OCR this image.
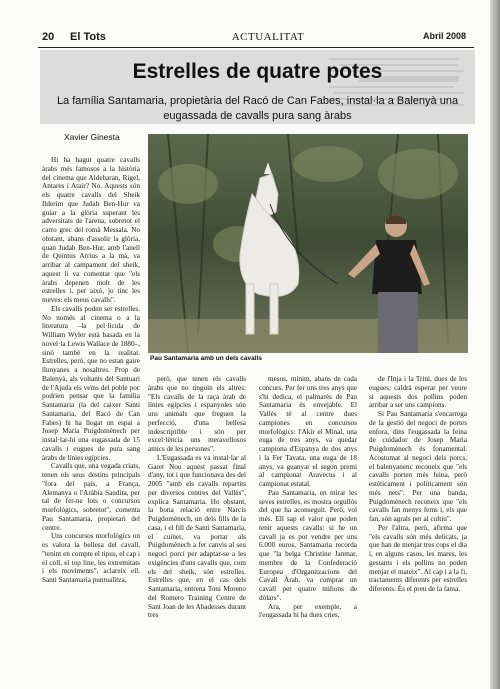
20 El Tots	ACTUALITAT	Abril 2008
Estrelles de quatre potes
La família Santamaria, propietària del Racó de Can Fabes, instal·la a Balenyà una eugassada de cavalls pura sang àrabs
Xavier Ginesta
Pau Santamaria amb un dels cavalls

Hi ha hagut quatre cavalls àrabs més famosos a la història del cinema que Aldebaran, Rigel, Antares i Atair? No. Aquests són els quatre cavalls del Sheik Ilderim que Judah Ben-Hur va guiar a la glòria superant les adversitats de l'arena, sobretot el carro grec del romà Messala. No obstant, abans d'assolir la glòria, quan Judah Ben-Hur, amb l'anell de Quintus Arrius a la mà, va arribar al campament del sheik, aquest li va comentar que "els àrabs depenen molt de les estrelles i, per això, jo tinc les meves: els meus cavalls".

Els cavalls poden ser estrelles. No només al cinema o a la literatura –la pel·lícula de William Wyler està basada en la novel·la Lewis Wallace de 1880–, sinó també en la realitat. Estrelles, però, que no estan gaire llunyanes a nosaltres. Prop de Balenyà, als voltants del Santuari de l'Ajuda els veïns del poble poc podrien pensar que la família Santamaria (la del caixer Santi Santamaria, del Racó de Can Fabes) hi ha llogat un espai a Josep Maria Puigdomènech per instal·lar-hi una eugassada de 15 cavalls i eugues de pura sang àrabs de línies egípcies.

Cavalls que, una vegada criats, tenen els seus destins principals "fora del país, a França, Alemanya o l'Aràbia Saudita, per tal de fer-ne lots o concursos morfològics, sobretot", comenta Pau Santamaria, propietari del centre.

Uns concursos morfològics on es valora la bellesa del cavall, "tenint en compte el tipus, el cap i el coll, el top line, les extremitats i els moviments", aclareix ell. Santi Santamaria puntualitza,

però, que tenen els cavalls àrabs que no tinguin els altres: "Els cavalls de la raça àrab de línies egípcies i espanyoles són uns animals que freguen la perfecció, d'una bellesa indescriptible i són per excel·lència uns meravellosos amics de les persones".

L'Eugassada es va instal·lar al Garet Nou aquest passat final d'any, tot i que funcionava des del 2005 "amb els cavalls repartits per diversos centres del Vallès", explica Santamaria. Ho obstant, la bona relació entre Narcís Puigdomènech, un dels fills de la casa, i el fill de Santi Santamaria, el cuiner, va portar als Puigdomènech a fer canvis al seu negoci porcí per adaptar-se a les exigències d'uns cavalls que, com els del sheik, són estrelles. Estrelles que, en el cas dels Santamaria, entrena Toni Moreno del Romero Training Centre de Sant Joan de les Abadesses durant tres

mesos, mínim, abans de cada concurs. Per fer uns tres anys que s'hi dedica, el palmarès de Pau Santamaria és envejable. El Vallès té al centre dues campiones en concursos morfològics: l'Akir el Minal, una euga de tres anys, va quedar campiona d'Espanya de dos anys i la Fer Tavata, una euga de 18 anys, va guanyar el segon premi al campionat Aravecus i al campionat estatal.

Pau Santamaria, en mirar les seves estrelles, es mostra orgullós del que ha aconseguit. Però, vol més. Ell sap el valor que poden tenir aquests cavalls: si he un cavall ja es pot vendre per uns 6.000 euros, Santamaria recorda que "la belga Christine Janmar, membre de la Confederació Europea d'Organitzacions del Cavall Àrab, va comprar un cavall per quatre milions de dòlars".

Ara, per exemple, a l'eugassada hi ha dues cries,

de l'Inja i la Trini, dues de les eugues; caldrà esperar per veure si aquests dos pollins poden arribar a ser uns campions.

Si Pau Santamaria s'encarrega de la gestió del negoci de portes enfora, dins l'eugassada la feina de cuidador de Josep Maria Puigdomènech és fonamental. Acostumat al negoci dels porcs, el balenyanenc reconeix que "els cavalls porten més feina, però estèticament i políticament són més nets". Per una banda, Puigdomènech reconeix que "els cavalls fan menys fems i, els que fan, són agrals per al cultiu".

Per l'altra, però, afirma que "els cavalls són més delicats, ja que han de menjar tres cops el dia i, en alguns casos, les mares, les gestants i els pollins no poden menjar el mateix". Al cap i a la fi, tractaments diferents per estrelles diferents. És el preu de la fama.
